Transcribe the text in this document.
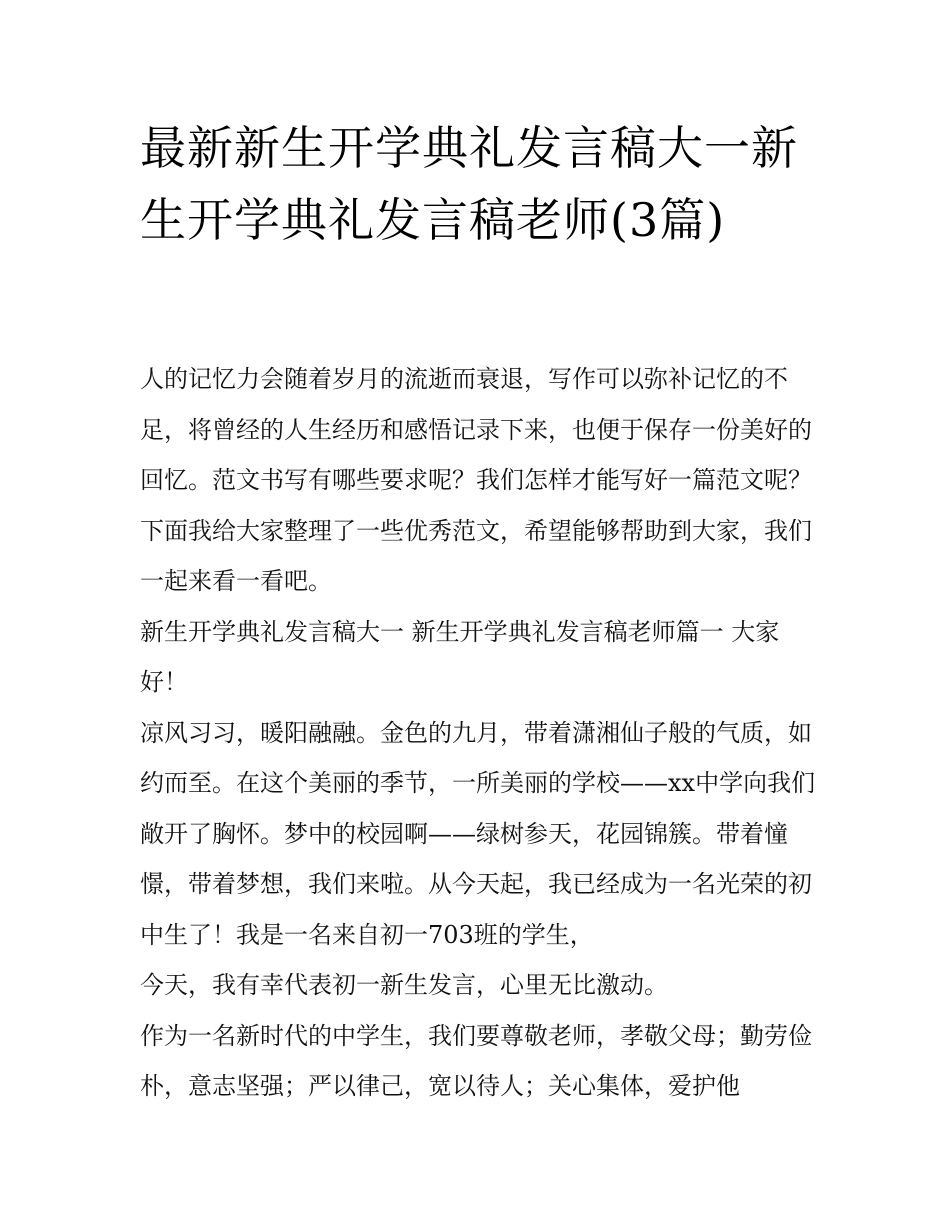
最新新生开学典礼发言稿大一新生开学典礼发言稿老师(3篇)

人的记忆力会随着岁月的流逝而衰退，写作可以弥补记忆的不足，将曾经的人生经历和感悟记录下来，也便于保存一份美好的回忆。范文书写有哪些要求呢？我们怎样才能写好一篇范文呢？下面我给大家整理了一些优秀范文，希望能够帮助到大家，我们一起来看一看吧。

新生开学典礼发言稿大一 新生开学典礼发言稿老师篇一 大家好！

凉风习习，暖阳融融。金色的九月，带着潇湘仙子般的气质，如约而至。在这个美丽的季节，一所美丽的学校——xx中学向我们敞开了胸怀。梦中的校园啊——绿树参天，花园锦簇。带着憧憬，带着梦想，我们来啦。从今天起，我已经成为一名光荣的初中生了！我是一名来自初一703班的学生，

今天，我有幸代表初一新生发言，心里无比激动。

作为一名新时代的中学生，我们要尊敬老师，孝敬父母；勤劳俭朴，意志坚强；严以律己，宽以待人；关心集体，爱护他
